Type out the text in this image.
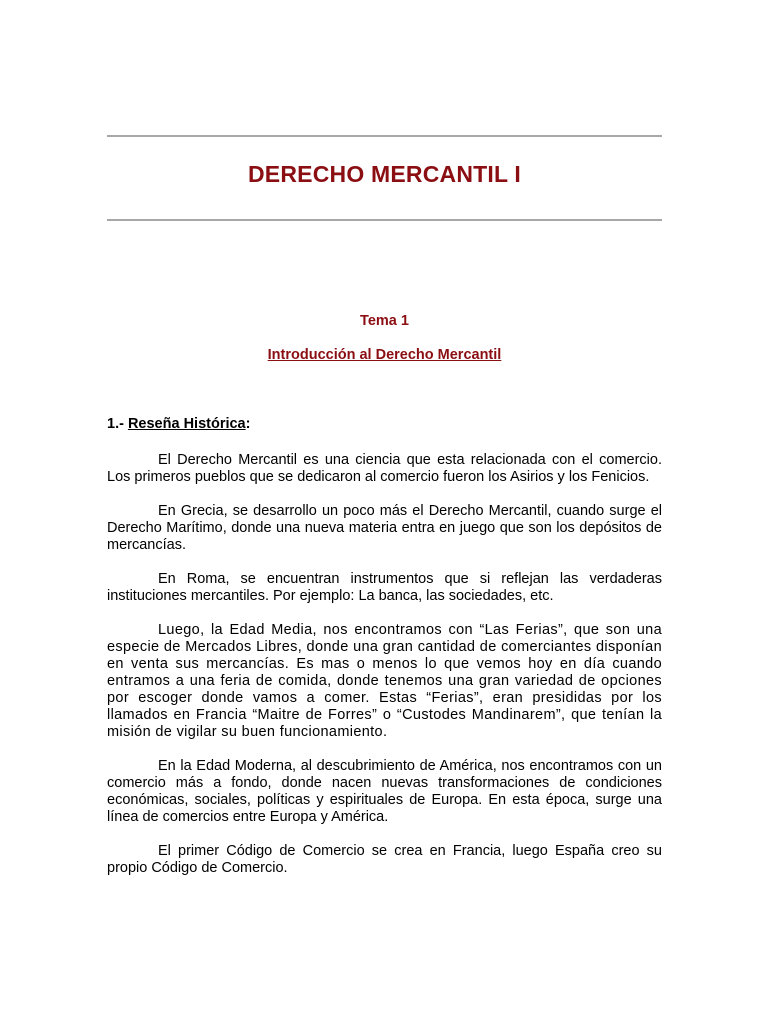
DERECHO MERCANTIL I

Tema 1

Introducción al Derecho Mercantil

1.- Reseña Histórica:

El Derecho Mercantil es una ciencia que esta relacionada con el comercio. Los primeros pueblos que se dedicaron al comercio fueron los Asirios y los Fenicios.

En Grecia, se desarrollo un poco más el Derecho Mercantil, cuando surge el Derecho Marítimo, donde una nueva materia entra en juego que son los depósitos de mercancías.

En Roma, se encuentran instrumentos que si reflejan las verdaderas instituciones mercantiles. Por ejemplo: La banca, las sociedades, etc.

Luego, la Edad Media, nos encontramos con “Las Ferias”, que son una especie de Mercados Libres, donde una gran cantidad de comerciantes disponían en venta sus mercancías. Es mas o menos lo que vemos hoy en día cuando entramos a una feria de comida, donde tenemos una gran variedad de opciones por escoger donde vamos a comer. Estas “Ferias”, eran presididas por los llamados en Francia “Maitre de Forres” o “Custodes Mandinarem”, que tenían la misión de vigilar su buen funcionamiento.

En la Edad Moderna, al descubrimiento de América, nos encontramos con un comercio más a fondo, donde nacen nuevas transformaciones de condiciones económicas, sociales, políticas y espirituales de Europa. En esta época, surge una línea de comercios entre Europa y América.

El primer Código de Comercio se crea en Francia, luego España creo su propio Código de Comercio.
